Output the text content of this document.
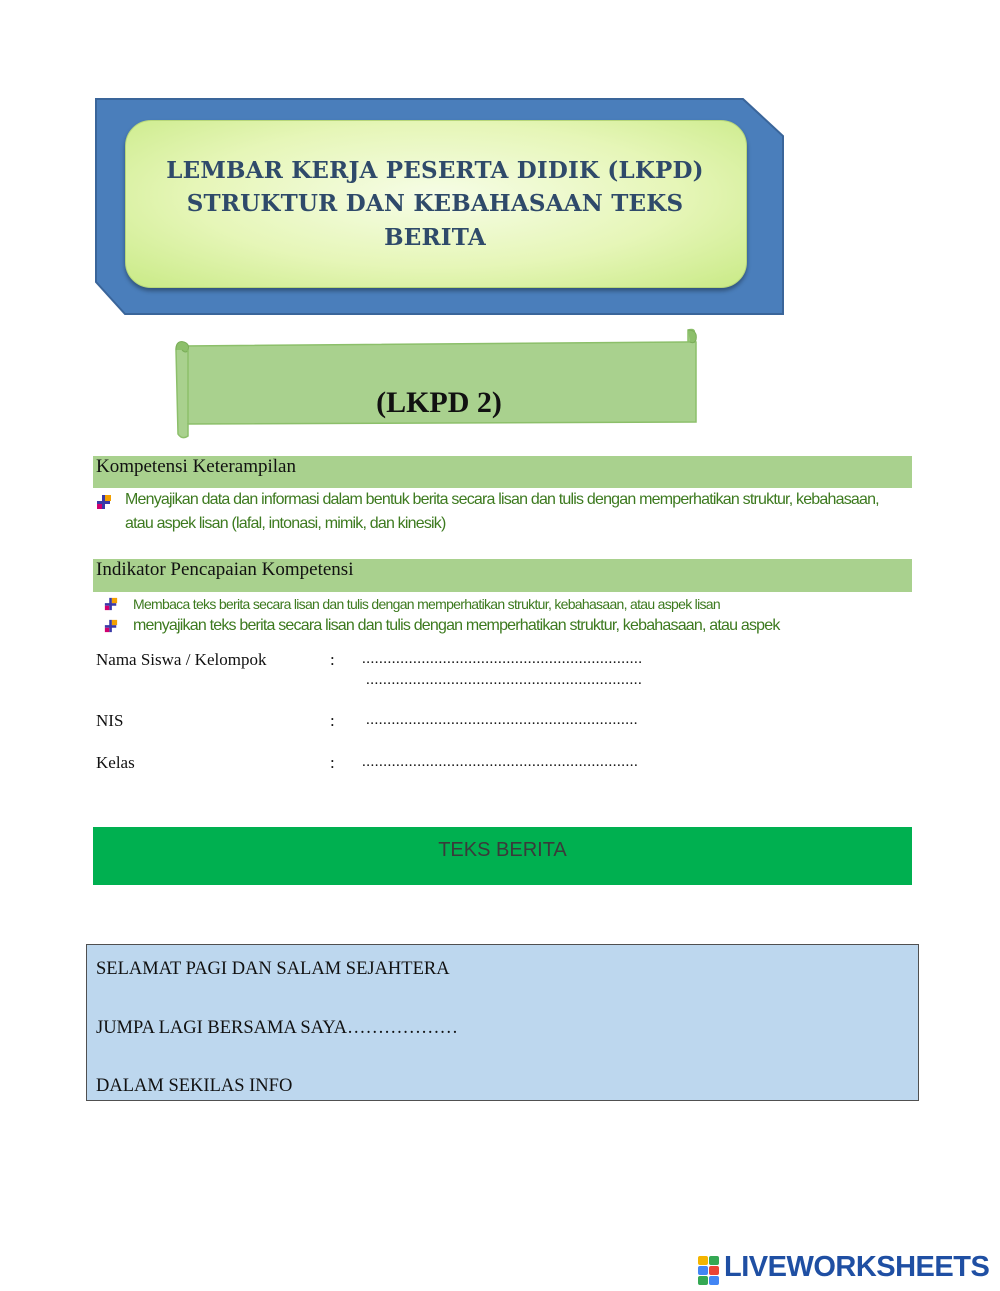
LEMBAR KERJA PESERTA DIDIK (LKPD)
STRUKTUR DAN KEBAHASAAN TEKS
BERITA
(LKPD 2)
Kompetensi Keterampilan
Menyajikan data dan informasi dalam bentuk berita secara lisan dan tulis dengan memperhatikan struktur, kebahasaan,
atau aspek lisan (lafal, intonasi, mimik, dan kinesik)
Indikator Pencapaian Kompetensi
Membaca teks berita secara lisan dan tulis dengan memperhatikan struktur, kebahasaan, atau aspek lisan
menyajikan teks berita secara lisan dan tulis dengan memperhatikan struktur, kebahasaan, atau aspek
Nama Siswa / Kelompok	: ..................................................................
.................................................................
NIS	: ................................................................
Kelas	: .................................................................
TEKS BERITA
SELAMAT PAGI DAN SALAM SEJAHTERA
JUMPA LAGI BERSAMA SAYA………………
DALAM SEKILAS INFO
LIVEWORKSHEETS
